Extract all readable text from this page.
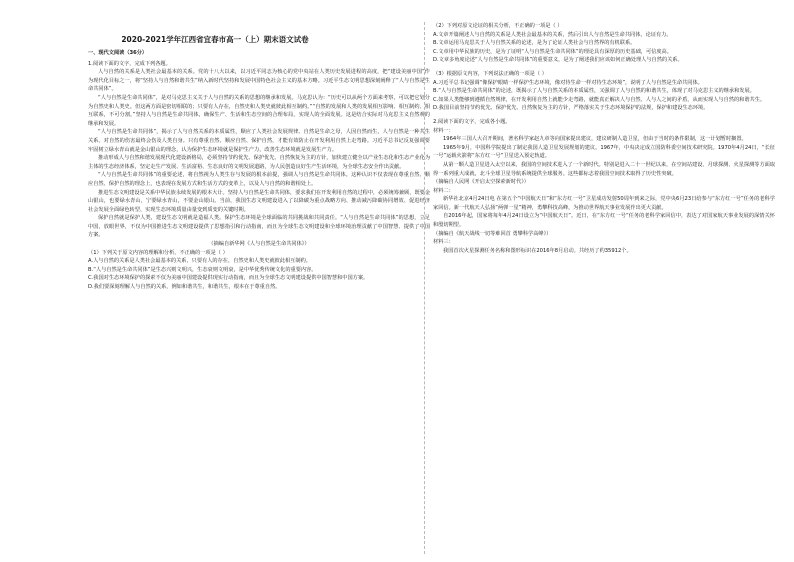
2020-2021学年江西省宜春市高一（上）期末语文试卷

一、现代文阅读（36分）

1.阅读下面的文字，完成下列各题。

人与自然的关系是人类社会最基本的关系。党的十八大以来，以习近平同志为核心的党中央站在人类历史发展进程的高度，把“建设美丽中国”作为现代化目标之一，将“坚持人与自然和谐共生”纳入新时代坚持和发展中国特色社会主义的基本方略。习近平生态文明思想深刻阐释了“人与自然是生命共同体”。

“人与自然是生命共同体”，是对马克思主义关于人与自然的关系的思想的继承和发展。马克思认为：“历史可以从两个方面来考察，可以把它划分为自然史和人类史。但这两方面是密切相联的；只要有人存在，自然史和人类史就彼此相互制约。”“自然的发展和人类的发展相互影响、相互制约、相互联系，不可分割。”坚持人与自然是生命共同体，确保生产、生活和生态空间的合理布局，实现人的全面发展。这是结合实际对马克思主义自然观的继承和发展。

“人与自然是生命共同体”，揭示了人与自然关系的本质属性，顺应了人类社会发展规律。自然是生命之母，人因自然而生，人与自然是一种共生关系。对自然的伤害最终会伤及人类自身。只有尊重自然、顺应自然、保护自然，才能有效防止在开发利用自然上走弯路。习近平总书记反复强调要牢固树立绿水青山就是金山银山的理念，认为保护生态环境就是保护生产力，改善生态环境就是发展生产力。

推动形成人与自然和谐发展现代化建设新格局，必须坚持节约优先、保护优先、自然恢复为主的方针，加快建立健全以产业生态化和生态产业化为主体的生态经济体系，坚定走生产发展、生活富裕、生态良好的文明发展道路，为人民创造良好生产生活环境，为全球生态安全作出贡献。

“人与自然是生命共同体”的重要论述，将自然视为人类生存与发展的根本前提，强调人与自然是生命共同体。这种认识不仅表现在尊重自然、顺应自然、保护自然的理念上，也表现在发展方式和生活方式的变革上，以及人与自然的和谐相处上。

推进生态文明建设是关系中华民族永续发展的根本大计。坚持人与自然是生命共同体，要求我们在开发利用自然的过程中，必须统筹兼顾，既要金山银山，也要绿水青山，宁要绿水青山，不要金山银山。当前，我国生态文明建设进入了以降碳为重点战略方向、推动减污降碳协同增效、促进经济社会发展全面绿色转型、实现生态环境质量由量变到质变的关键时期。

保护自然就是保护人类，建设生态文明就是造福人类。保护生态环境是全球面临的共同挑战和共同责任。“人与自然是生命共同体”的思想，立足中国，放眼世界，不仅为中国推进生态文明建设提供了思想指引和行动指南，而且为全球生态文明建设和全球环境治理贡献了中国智慧、提供了中国方案。

（摘编自新华网《人与自然是生命共同体》）

（1）下列关于原文内容的理解和分析，不正确的一项是（ ）

A.人与自然的关系是人类社会最基本的关系，只要有人的存在，自然史和人类史就彼此相互制约。

B.“人与自然是生命共同体”是生态兴则文明兴，生态衰则文明衰，是中华优秀传统文化的重要内容。

C.我国对生态环境保护的探索不仅为美丽中国建设提供现实行动指南，而且为全球生态文明建设提供中国智慧和中国方案。

D.我们要深刻理解人与自然的关系，例如和谐共生，和谐共生，根本在于尊重自然。

（2）下列对原文论证的相关分析，不正确的一项是（ ）

A.文章开篇阐述人与自然的关系是人类社会最基本的关系，然后引出人与自然是生命共同体，论证有力。

B.文章运用马克思关于人与自然关系的论述，是为了论证人类社会与自然界的有机联系。

C.文章用中华民族的历史，是为了证明“人与自然是生命共同体”的理论具有深厚的历史基础，可信度高。

D.文章多角度论述“人与自然是生命共同体”的重要意义，是为了阐述我们应该如何正确处理人与自然的关系。

（3）根据原文内容，下列说法正确的一项是（ ）

A.习近平总书记强调“像保护眼睛一样保护生态环境，像对待生命一样对待生态环境”，说明了人与自然是生命共同体。

B.“人与自然是生命共同体”的论述，既揭示了人与自然关系的本质属性，又强调了人与自然的和谐共生，体现了对马克思主义的继承和发展。

C.如果人类能够到遵循自然规律，在开发利用自然上就能少走弯路，就能真正解决人与自然、人与人之间的矛盾，从而实现人与自然的和谐共生。

D.我国目前坚持节约优先、保护优先、自然恢复为主的方针，严格落实关于生态环境保护的法规，保护和建设生态环境。

2.阅读下面的文字，完成各小题。

材料一：

1964年三国人大召开期间，著名科学家赵九章等向国家提出建议，建议研制人造卫星，但由于当时的条件限制，这一计划暂时搁置。

1965年9月，中国科学院提出了制定我国人造卫星发展规划的建议。1967年，中央决定成立国防科委空间技术研究院。1970年4月24日，“长征一号”运载火箭将“东方红一号”卫星送入预定轨道。

从第一颗人造卫星进入太空以来，我国的空间技术进入了一个新时代。特别是进入二十一世纪以来，在空间站建设、月球探测、火星探测等方面取得一系列重大成就，北斗全球卫星导航系统提供全球服务。这些都标志着我国空间技术取得了历史性突破。

（摘编自人民网《开启太空探索新时代》）

材料二：

新华社北京4月24日电 在第五个“中国航天日”和“东方红一号”卫星成功发射50周年到来之际，党中央6月23日给参与“东方红一号”任务的老科学家回信。新一代航天人弘扬“两弹一星”精神，勇攀科技高峰，为推动世界航天事业发展作出更大贡献。

自2016年起，国家将每年4月24日设立为“中国航天日”。近日，在“东方红一号”任务的老科学家回信中，表达了对国家航天事业发展的深情关怀和殷切期望。

（摘编自《航天战线一切等难回首 勇攀科学高峰》）

材料三：

我国首次火星探测任务名称和图形标识在2016年8月启动。共经历了约35912个。
